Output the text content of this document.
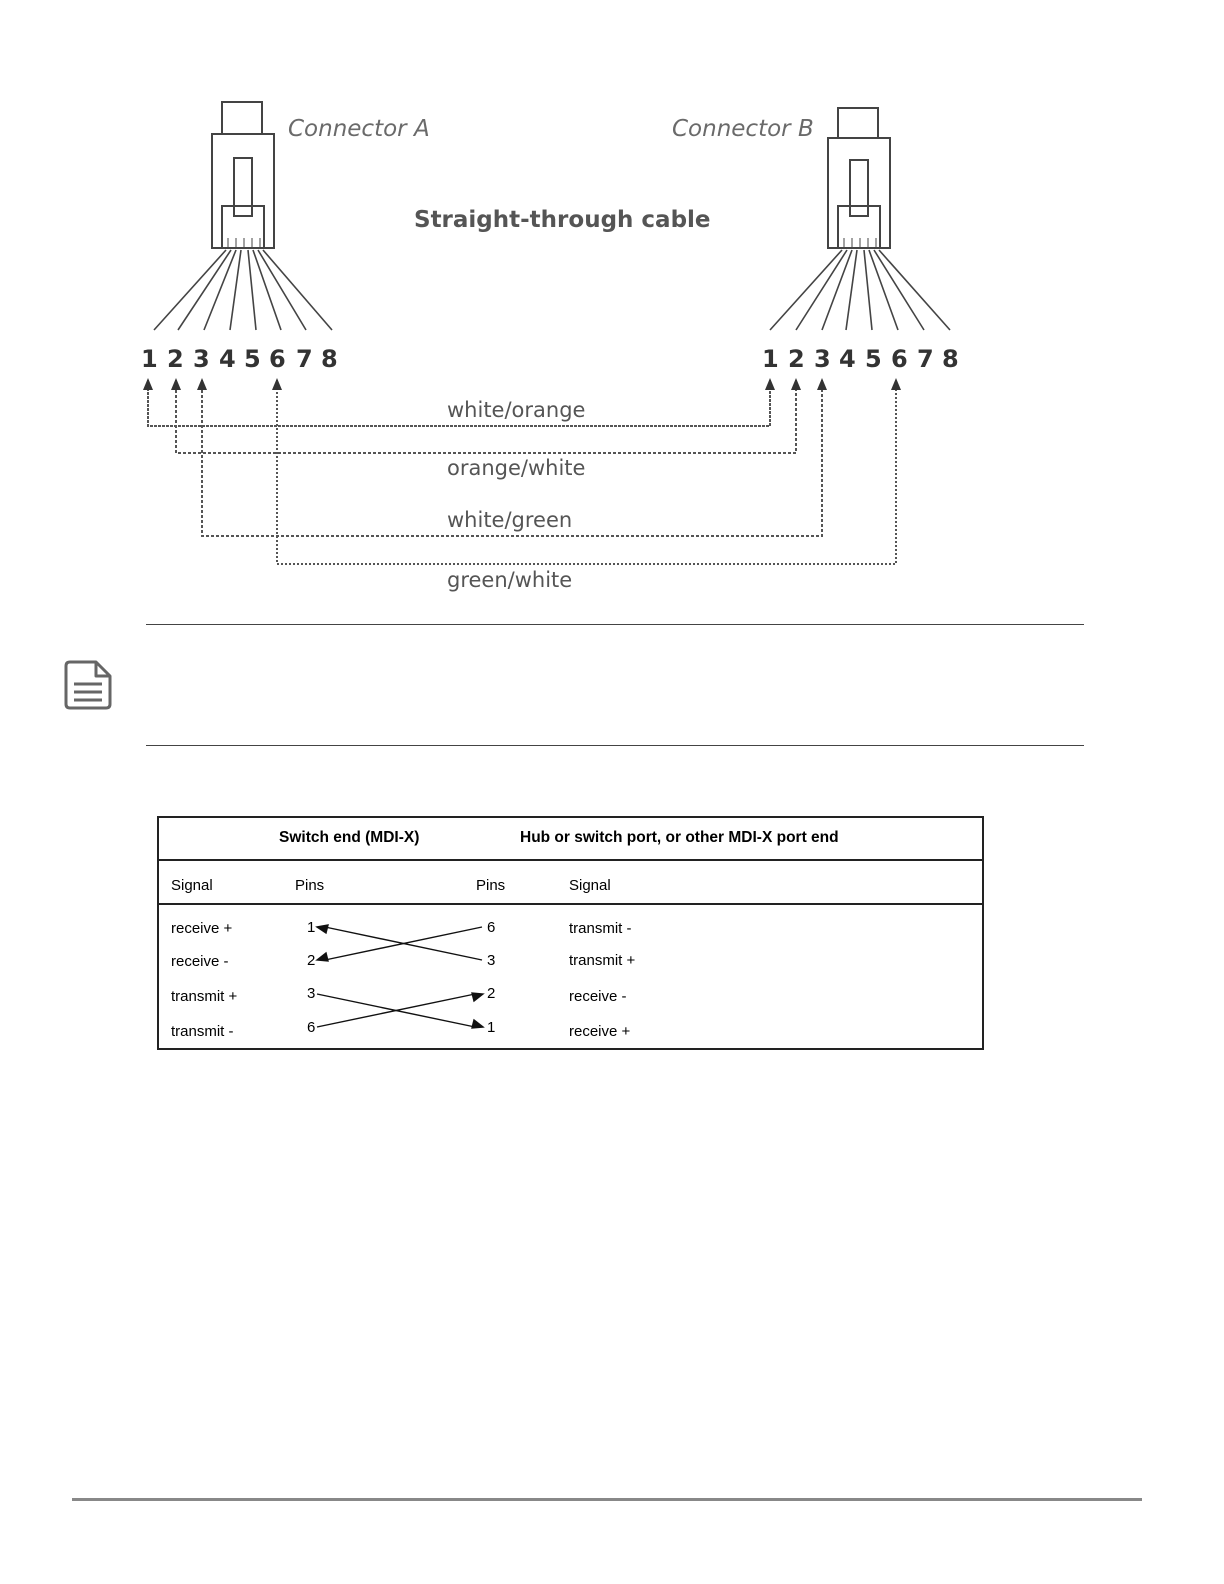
Connector A	Connector B
Straight-through cable
1 2 3 4 5 6 7 8	1 2 3 4 5 6 7 8
white/orange
orange/white
white/green
green/white
Switch end (MDI-X)	Hub or switch port, or other MDI-X port end
Signal	Pins	Pins	Signal
receive +	1	6	transmit -
receive -	2	3	transmit +
transmit +	3	2	receive -
transmit -	6	1	receive +
